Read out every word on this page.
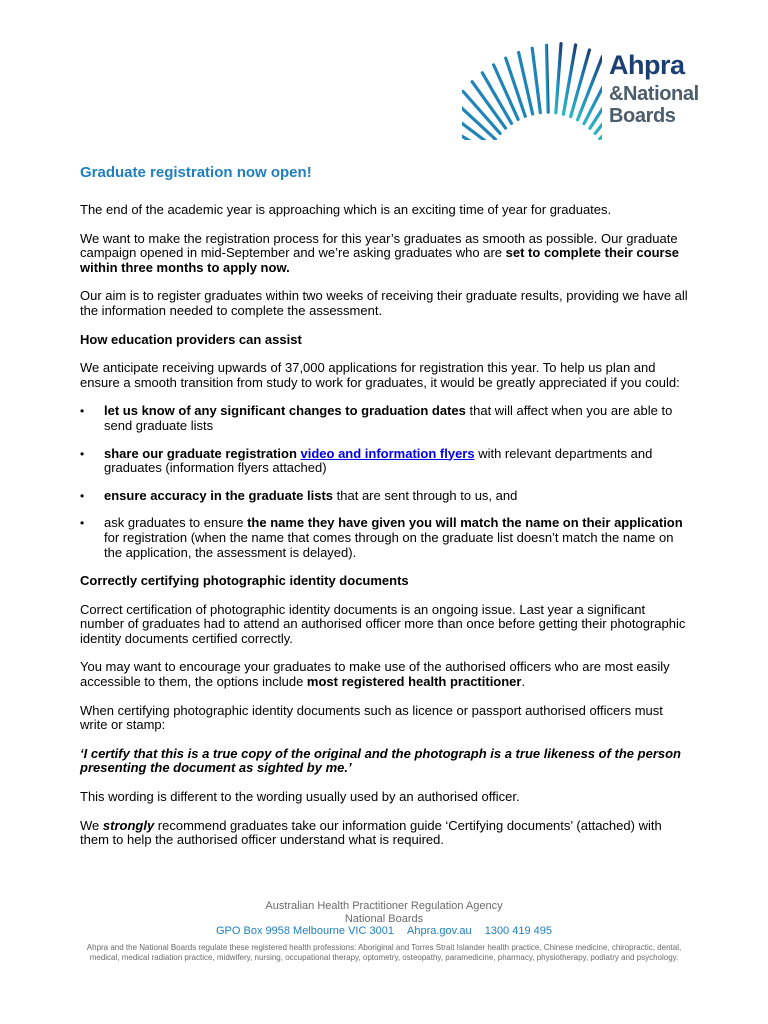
Ahpra
&National
Boards
Graduate registration now open!

The end of the academic year is approaching which is an exciting time of year for graduates.

We want to make the registration process for this year’s graduates as smooth as possible. Our graduate campaign opened in mid-September and we’re asking graduates who are set to complete their course within three months to apply now.

Our aim is to register graduates within two weeks of receiving their graduate results, providing we have all the information needed to complete the assessment.

How education providers can assist

We anticipate receiving upwards of 37,000 applications for registration this year. To help us plan and ensure a smooth transition from study to work for graduates, it would be greatly appreciated if you could:

• let us know of any significant changes to graduation dates that will affect when you are able to send graduate lists
• share our graduate registration video and information flyers with relevant departments and graduates (information flyers attached)
• ensure accuracy in the graduate lists that are sent through to us, and
• ask graduates to ensure the name they have given you will match the name on their application for registration (when the name that comes through on the graduate list doesn’t match the name on the application, the assessment is delayed).

Correctly certifying photographic identity documents

Correct certification of photographic identity documents is an ongoing issue. Last year a significant number of graduates had to attend an authorised officer more than once before getting their photographic identity documents certified correctly.

You may want to encourage your graduates to make use of the authorised officers who are most easily accessible to them, the options include most registered health practitioner.

When certifying photographic identity documents such as licence or passport authorised officers must write or stamp:

‘I certify that this is a true copy of the original and the photograph is a true likeness of the person presenting the document as sighted by me.’

This wording is different to the wording usually used by an authorised officer.

We strongly recommend graduates take our information guide ‘Certifying documents’ (attached) with them to help the authorised officer understand what is required.

Australian Health Practitioner Regulation Agency
National Boards
GPO Box 9958 Melbourne VIC 3001 Ahpra.gov.au 1300 419 495
Ahpra and the National Boards regulate these registered health professions: Aboriginal and Torres Strait Islander health practice, Chinese medicine, chiropractic, dental, medical, medical radiation practice, midwifery, nursing, occupational therapy, optometry, osteopathy, paramedicine, pharmacy, physiotherapy, podiatry and psychology.
